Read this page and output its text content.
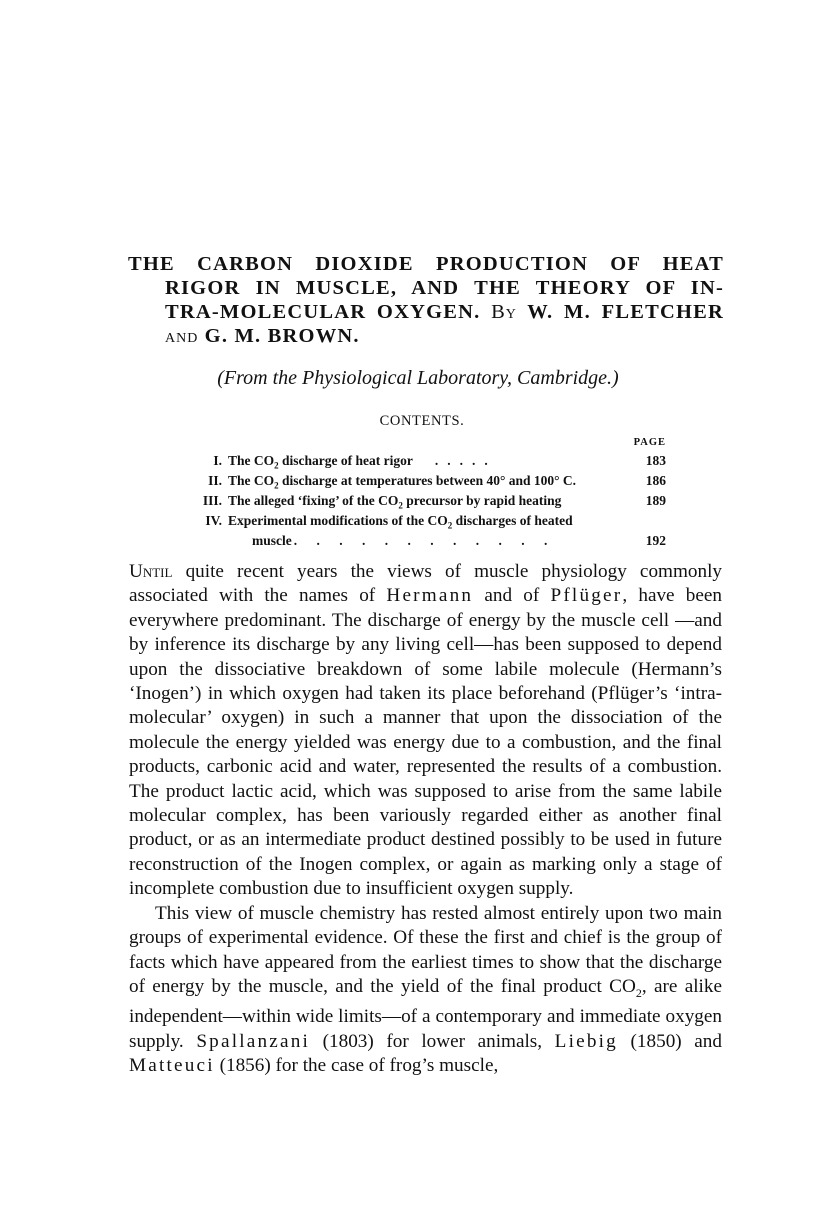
THE CARBON DIOXIDE PRODUCTION OF HEAT
RIGOR IN MUSCLE, AND THE THEORY OF IN-
TRA-MOLECULAR OXYGEN. By W. M. FLETCHER
and G. M. BROWN.
(From the Physiological Laboratory, Cambridge.)
CONTENTS.
PAGE
I. The $CO_2$ discharge of heat rigor .....	183
II. The $CO_2$ discharge at temperatures between 40° and 100° C.	186
III. The alleged ‘fixing’ of the $CO_2$ precursor by rapid heating	189
IV. Experimental modifications of the $CO_2$ discharges of heated
muscle . . . . . . . . . . . .	192

Until quite recent years the views of muscle physiology commonly associated with the names of Hermann and of Pflüger, have been everywhere predominant. The discharge of energy by the muscle cell —and by inference its discharge by any living cell—has been supposed to depend upon the dissociative breakdown of some labile molecule (Hermann’s ‘Inogen’) in which oxygen had taken its place beforehand (Pflüger’s ‘intra-molecular’ oxygen) in such a manner that upon the dissociation of the molecule the energy yielded was energy due to a combustion, and the final products, carbonic acid and water, represented the results of a combustion. The product lactic acid, which was supposed to arise from the same labile molecular complex, has been variously regarded either as another final product, or as an intermediate product destined possibly to be used in future reconstruction of the Inogen complex, or again as marking only a stage of incomplete combustion due to insufficient oxygen supply.

This view of muscle chemistry has rested almost entirely upon two main groups of experimental evidence. Of these the first and chief is the group of facts which have appeared from the earliest times to show that the discharge of energy by the muscle, and the yield of the final product $CO_2$, are alike independent—within wide limits—of a contemporary and immediate oxygen supply. Spallanzani (1803) for lower animals, Liebig (1850) and Matteuci (1856) for the case of frog’s muscle,
